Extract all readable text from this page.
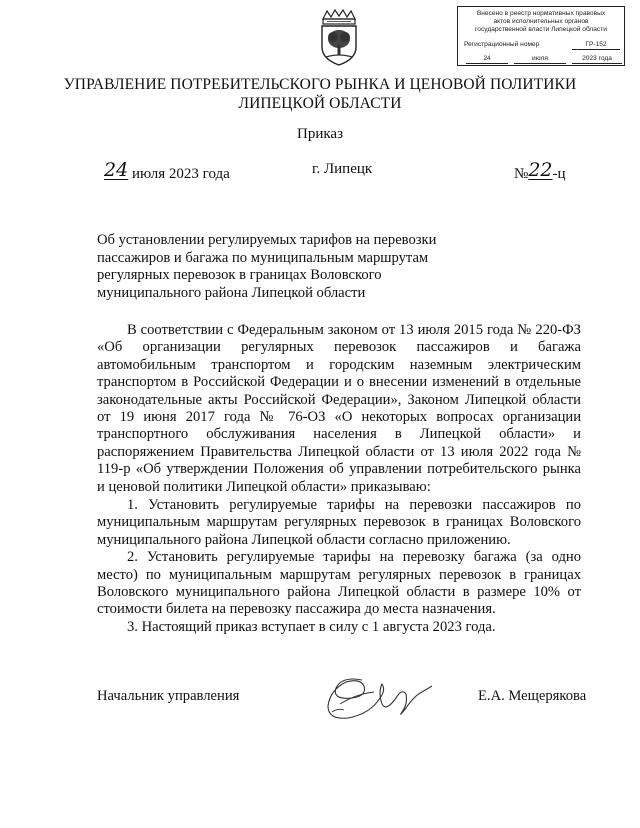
Внесено в реестр нормативных правовых
актов исполнительных органов
государственной власти Липецкой области
Регистрационный номер	ГР-152
24	июля	2023 года
УПРАВЛЕНИЕ ПОТРЕБИТЕЛЬСКОГО РЫНКА И ЦЕНОВОЙ ПОЛИТИКИ
ЛИПЕЦКОЙ ОБЛАСТИ
Приказ
24 июля 2023 года	г. Липецк	№22-ц
Об установлении регулируемых тарифов на перевозки
пассажиров и багажа по муниципальным маршрутам
регулярных перевозок в границах Воловского
муниципального района Липецкой области

В соответствии с Федеральным законом от 13 июля 2015 года № 220-ФЗ «Об организации регулярных перевозок пассажиров и багажа автомобильным транспортом и городским наземным электрическим транспортом в Российской Федерации и о внесении изменений в отдельные законодательные акты Российской Федерации», Законом Липецкой области от 19 июня 2017 года № 76-ОЗ «О некоторых вопросах организации транспортного обслуживания населения в Липецкой области» и распоряжением Правительства Липецкой области от 13 июля 2022 года № 119-р «Об утверждении Положения об управлении потребительского рынка и ценовой политики Липецкой области» приказываю:

1. Установить регулируемые тарифы на перевозки пассажиров по муниципальным маршрутам регулярных перевозок в границах Воловского муниципального района Липецкой области согласно приложению.

2. Установить регулируемые тарифы на перевозку багажа (за одно место) по муниципальным маршрутам регулярных перевозок в границах Воловского муниципального района Липецкой области в размере 10% от стоимости билета на перевозку пассажира до места назначения.

3. Настоящий приказ вступает в силу с 1 августа 2023 года.

Начальник управления	Е.А. Мещерякова
